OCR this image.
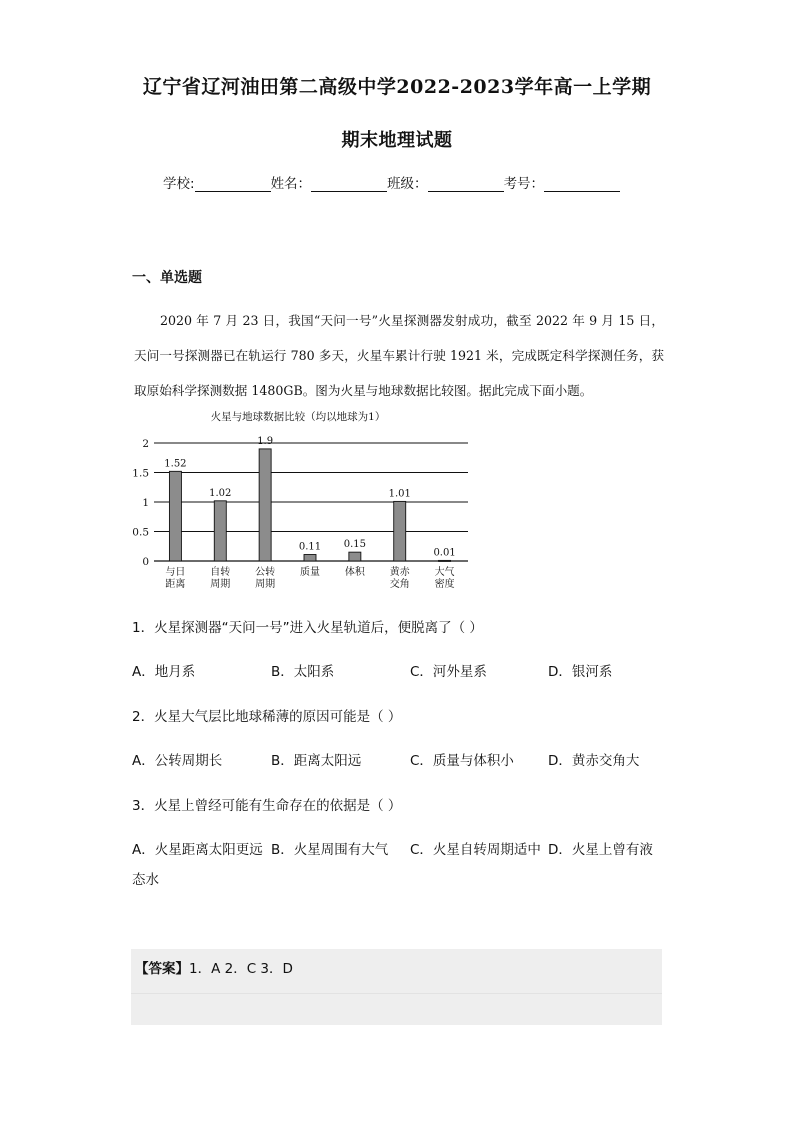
辽宁省辽河油田第二高级中学2022-2023学年高一上学期
期末地理试题
学校:	姓名：	班级：	考号：
一、单选题
2020 年 7 月 23 日，我国“天问一号”火星探测器发射成功，截至 2022 年 9 月 15 日，天问一号探测器已在轨运行 780 多天，火星车累计行驶 1921 米，完成既定科学探测任务，获取原始科学探测数据 1480GB。图为火星与地球数据比较图。据此完成下面小题。
火星与地球数据比较（均以地球为1）
0
0.5
1
1.5
2
1.52
与日
距离
1.02
自转
周期
1.9
公转
周期
0.11
质量
0.15
体积
1.01
黄赤
交角
0.01
大气
密度
1．火星探测器“天问一号”进入火星轨道后，便脱离了（ ）
A．地月系	B．太阳系	C．河外星系	D．银河系
2．火星大气层比地球稀薄的原因可能是（ ）
A．公转周期长	B．距离太阳远	C．质量与体积小	D．黄赤交角大
3．火星上曾经可能有生命存在的依据是（ ）
A．火星距离太阳更远 B．火星周围有大气 C．火星自转周期适中 D．火星上曾有液
态水
【答案】1．A 2．C 3．D
